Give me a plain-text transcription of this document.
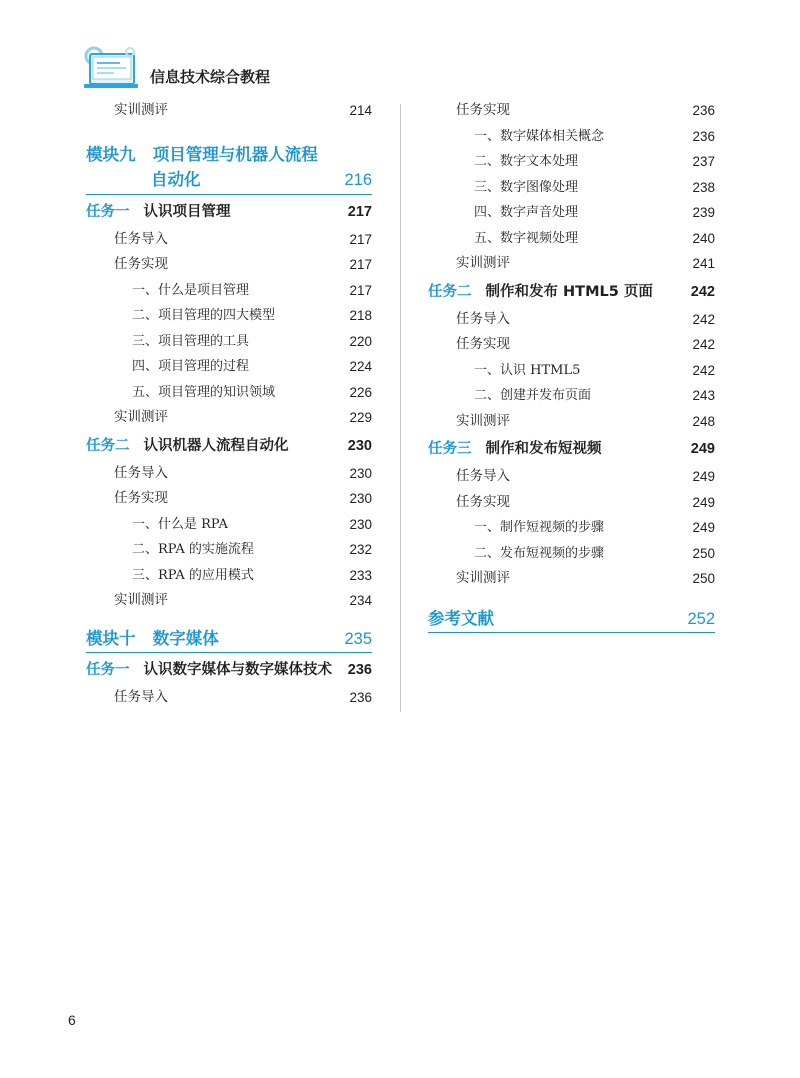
信息技术综合教程
实训测评	214
模块九 项目管理与机器人流程
自动化	216
任务一 认识项目管理	217
任务导入	217
任务实现	217
一、什么是项目管理	217
二、项目管理的四大模型	218
三、项目管理的工具	220
四、项目管理的过程	224
五、项目管理的知识领域	226
实训测评	229
任务二 认识机器人流程自动化	230
任务导入	230
任务实现	230
一、什么是 RPA	230
二、RPA 的实施流程	232
三、RPA 的应用模式	233
实训测评	234
模块十 数字媒体	235
任务一 认识数字媒体与数字媒体技术 236
任务导入	236
任务实现	236
一、数字媒体相关概念	236
二、数字文本处理	237
三、数字图像处理	238
四、数字声音处理	239
五、数字视频处理	240
实训测评	241
任务二 制作和发布 HTML5 页面	242
任务导入	242
任务实现	242
一、认识 HTML5	242
二、创建并发布页面	243
实训测评	248
任务三 制作和发布短视频	249
任务导入	249
任务实现	249
一、制作短视频的步骤	249
二、发布短视频的步骤	250
实训测评	250
参考文献	252
6
